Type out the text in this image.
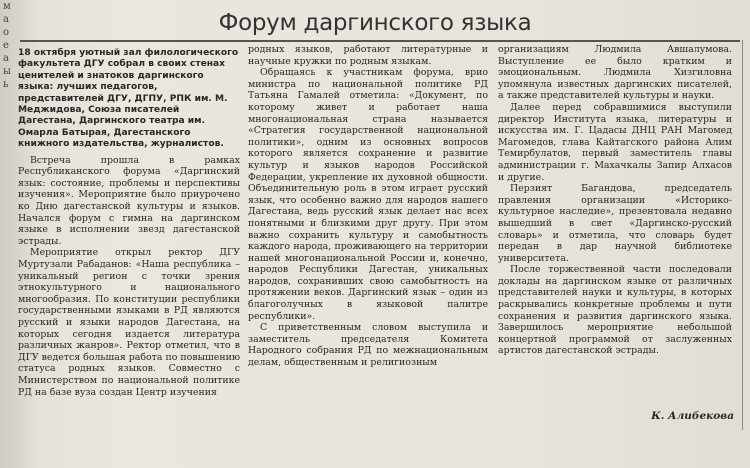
м
а
о
е
а
ы
ь
Форум даргинского языка
18 октября уютный зал филологического факультета ДГУ собрал в своих стенах ценителей и знатоков даргинского языка: лучших педагогов, представителей ДГУ, ДГПУ, РПК им. М. Меджидова, Союза писателей Дагестана, Даргинского театра им. Омарла Батырая, Дагестанского книжного издательства, журналистов.

Встреча прошла в рамках Республиканского форума «Даргинский язык: состояние, проблемы и перспективы изучения». Мероприятие было приурочено ко Дню дагестанской культуры и языков. Начался форум с гимна на даргинском языке в исполнении звезд дагестанской эстрады.

Мероприятие открыл ректор ДГУ Муртузали Рабаданов: «Наша республика – уникальный регион с точки зрения этнокультурного и национального многообразия. По конституции республики государственными языками в РД являются русский и языки народов Дагестана, на которых сегодня издается литература различных жанров». Ректор отметил, что в ДГУ ведется большая работа по повышению статуса родных языков. Совместно с Министерством по национальной политике РД на базе вуза создан Центр изучения

родных языков, работают литературные и научные кружки по родным языкам.

Обращаясь к участникам форума, врио министра по национальной политике РД Татьяна Гамалей отметила: «Документ, по которому живет и работает наша многонациональная страна называется «Стратегия государственной национальной политики», одним из основных вопросов которого является сохранение и развитие культур и языков народов Российской Федерации, укрепление их духовной общности. Объединительную роль в этом играет русский язык, что особенно важно для народов нашего Дагестана, ведь русский язык делает нас всех понятными и близкими друг другу. При этом важно сохранить культуру и самобытность каждого народа, проживающего на территории нашей многонациональной России и, конечно, народов Республики Дагестан, уникальных народов, сохранивших свою самобытность на протяжении веков. Даргинский язык – один из благоголучных в языковой палитре республики».

С приветственным словом выступила и заместитель председателя Комитета Народного собрания РД по межнациональным делам, общественным и религиозным

организациям Людмила Авшалумова. Выступление ее было кратким и эмоциональным. Людмила Хизгиловна упомянула известных даргинских писателей, а также представителей культуры и науки.

Далее перед собравшимися выступили директор Института языка, литературы и искусства им. Г. Цадасы ДНЦ РАН Магомед Магомедов, глава Кайтагского района Алим Темирбулатов, первый заместитель главы администрации г. Махачкалы Запир Алхасов и другие.

Перзият Багандова, председатель правления организации «Историко-культурное наследие», презентовала недавно вышедший в свет «Даргинско-русский словарь» и отметила, что словарь будет передан в дар научной библиотеке университета.

После торжественной части последовали доклады на даргинском языке от различных представителей науки и культуры, в которых раскрывались конкретные проблемы и пути сохранения и развития даргинского языка. Завершилось мероприятие небольшой концертной программой от заслуженных артистов дагестанской эстрады.

К. Алибекова
